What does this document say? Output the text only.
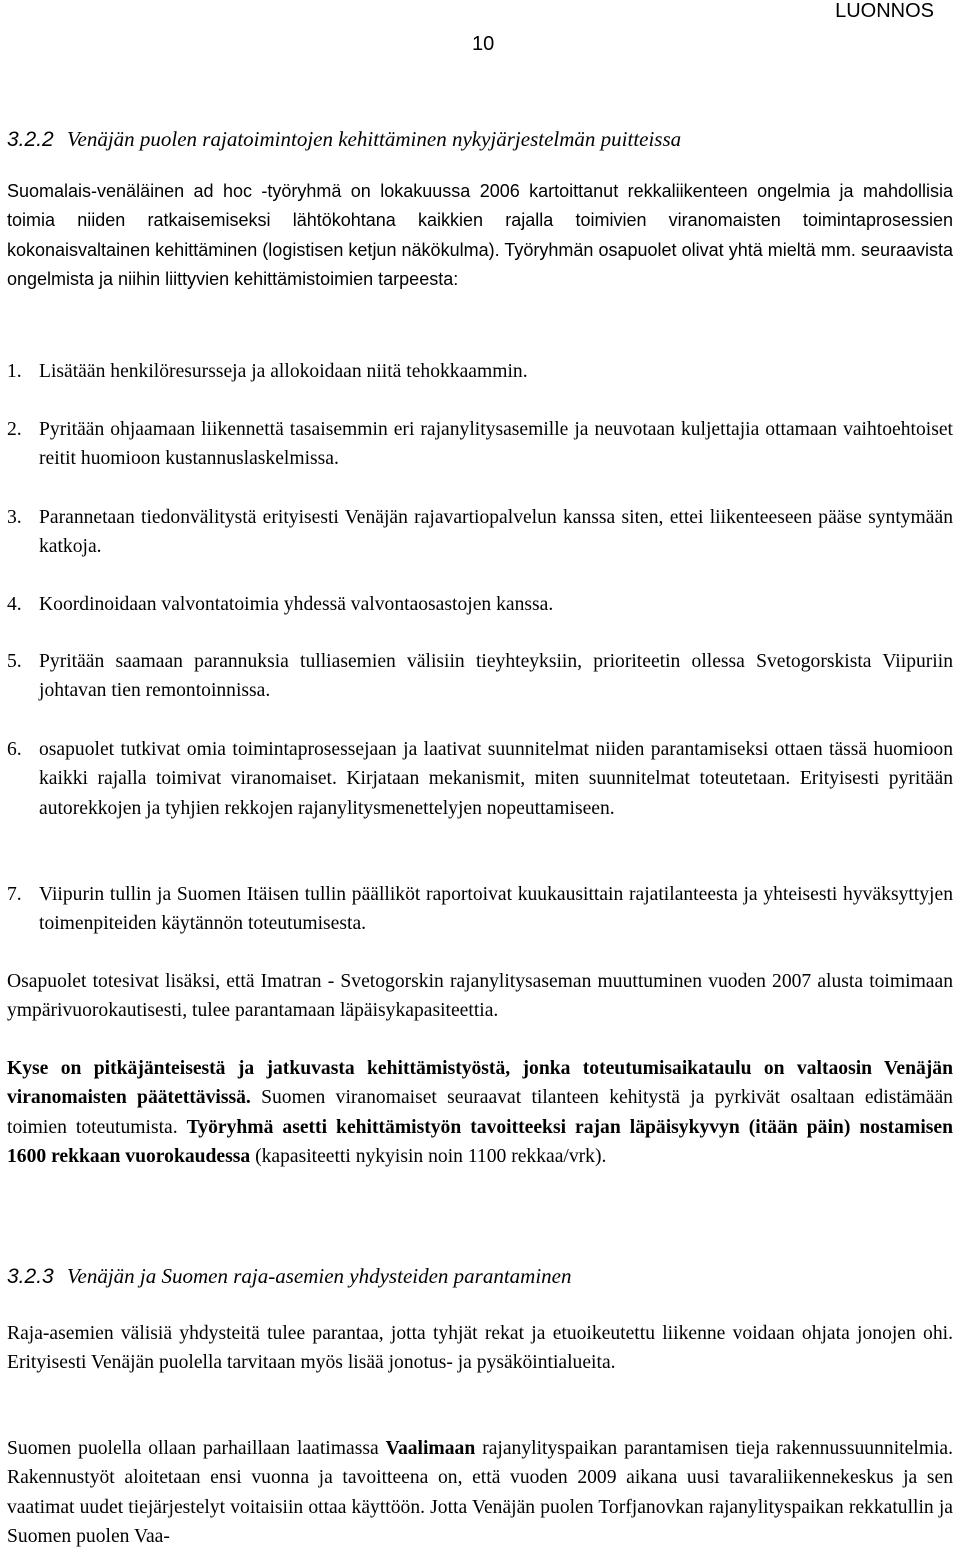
LUONNOS
10
3.2.2 Venäjän puolen rajatoimintojen kehittäminen nykyjärjestelmän puitteissa
Suomalais-venäläinen ad hoc -työryhmä on lokakuussa 2006 kartoittanut rekkaliikenteen ongelmia ja mahdollisia toimia niiden ratkaisemiseksi lähtökohtana kaikkien rajalla toimivien viranomaisten toimintaprosessien kokonaisvaltainen kehittäminen (logistisen ketjun näkökulma). Työryhmän osapuolet olivat yhtä mieltä mm. seuraavista ongelmista ja niihin liittyvien kehittämistoimien tarpeesta:
1. Lisätään henkilöresursseja ja allokoidaan niitä tehokkaammin.
2. Pyritään ohjaamaan liikennettä tasaisemmin eri rajanylitysasemille ja neuvotaan kuljettajia ottamaan vaihtoehtoiset reitit huomioon kustannuslaskelmissa.
3. Parannetaan tiedonvälitystä erityisesti Venäjän rajavartiopalvelun kanssa siten, ettei liikenteeseen pääse syntymään katkoja.
4. Koordinoidaan valvontatoimia yhdessä valvontaosastojen kanssa.
5. Pyritään saamaan parannuksia tulliasemien välisiin tieyhteyksiin, prioriteetin ollessa Svetogorskista Viipuriin johtavan tien remontoinnissa.
6. osapuolet tutkivat omia toimintaprosessejaan ja laativat suunnitelmat niiden parantamiseksi ottaen tässä huomioon kaikki rajalla toimivat viranomaiset. Kirjataan mekanismit, miten suunnitelmat toteutetaan. Erityisesti pyritään autorekkojen ja tyhjien rekkojen rajanylitysmenettelyjen nopeuttamiseen.
7. Viipurin tullin ja Suomen Itäisen tullin päälliköt raportoivat kuukausittain rajatilanteesta ja yhteisesti hyväksyttyjen toimenpiteiden käytännön toteutumisesta.
Osapuolet totesivat lisäksi, että Imatran - Svetogorskin rajanylitysaseman muuttuminen vuoden 2007 alusta toimimaan ympärivuorokautisesti, tulee parantamaan läpäisykapasiteettia.
Kyse on pitkäjänteisestä ja jatkuvasta kehittämistyöstä, jonka toteutumisaikataulu on valtaosin Venäjän viranomaisten päätettävissä. Suomen viranomaiset seuraavat tilanteen kehitystä ja pyrkivät osaltaan edistämään toimien toteutumista. Työryhmä asetti kehittämistyön tavoitteeksi rajan läpäisykyvyn (itään päin) nostamisen 1600 rekkaan vuorokaudessa (kapasiteetti nykyisin noin 1100 rekkaa/vrk).
3.2.3 Venäjän ja Suomen raja-asemien yhdysteiden parantaminen
Raja-asemien välisiä yhdysteitä tulee parantaa, jotta tyhjät rekat ja etuoikeutettu liikenne voidaan ohjata jonojen ohi. Erityisesti Venäjän puolella tarvitaan myös lisää jonotus- ja pysäköintialueita.
Suomen puolella ollaan parhaillaan laatimassa Vaalimaan rajanylityspaikan parantamisen tieja rakennussuunnitelmia. Rakennustyöt aloitetaan ensi vuonna ja tavoitteena on, että vuoden 2009 aikana uusi tavaraliikennekeskus ja sen vaatimat uudet tiejärjestelyt voitaisiin ottaa käyttöön. Jotta Venäjän puolen Torfjanovkan rajanylityspaikan rekkatullin ja Suomen puolen Vaa-
